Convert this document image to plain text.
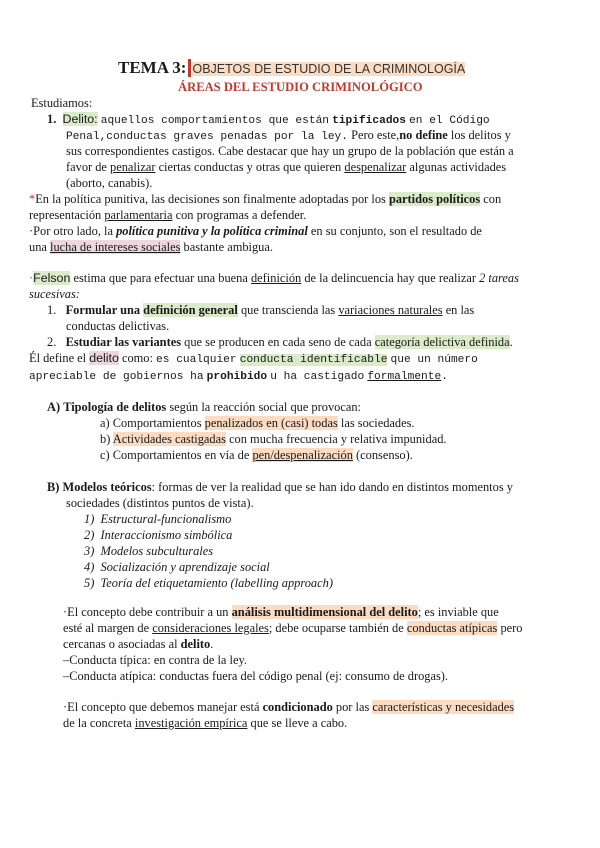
TEMA 3: OBJETOS DE ESTUDIO DE LA CRIMINOLOGÍA
ÁREAS DEL ESTUDIO CRIMINOLÓGICO
Estudiamos:
1. Delito: aquellos comportamientos que están tipificados en el Código
Penal,conductas graves penadas por la ley. Pero este,no define los delitos y
sus correspondientes castigos. Cabe destacar que hay un grupo de la población que están a
favor de penalizar ciertas conductas y otras que quieren despenalizar algunas actividades
(aborto, canabis).
*En la política punitiva, las decisiones son finalmente adoptadas por los partidos políticos con
representación parlamentaria con programas a defender.
·Por otro lado, la política punitiva y la política criminal en su conjunto, son el resultado de
una lucha de intereses sociales bastante ambigua.
·Felson estima que para efectuar una buena definición de la delincuencia hay que realizar 2 tareas
sucesivas:
1. Formular una definición general que transcienda las variaciones naturales en las
conductas delictivas.
2. Estudiar las variantes que se producen en cada seno de cada categoría delictiva definida.
Él define el delito como: es cualquier conducta identificable que un número
apreciable de gobiernos ha prohibido u ha castigado formalmente.
A) Tipología de delitos según la reacción social que provocan:
a) Comportamientos penalizados en (casi) todas las sociedades.
b) Actividades castigadas con mucha frecuencia y relativa impunidad.
c) Comportamientos en vía de pen/despenalización (consenso).
B) Modelos teóricos: formas de ver la realidad que se han ido dando en distintos momentos y
sociedades (distintos puntos de vista).
1) Estructural-funcionalismo
2) Interaccionismo simbólica
3) Modelos subculturales
4) Socialización y aprendizaje social
5) Teoría del etiquetamiento (labelling approach)
·El concepto debe contribuir a un análisis multidimensional del delito; es inviable que
esté al margen de consideraciones legales; debe ocuparse también de conductas atípicas pero
cercanas o asociadas al delito.
–Conducta típica: en contra de la ley.
–Conducta atípica: conductas fuera del código penal (ej: consumo de drogas).
·El concepto que debemos manejar está condicionado por las características y necesidades
de la concreta investigación empírica que se lleve a cabo.
